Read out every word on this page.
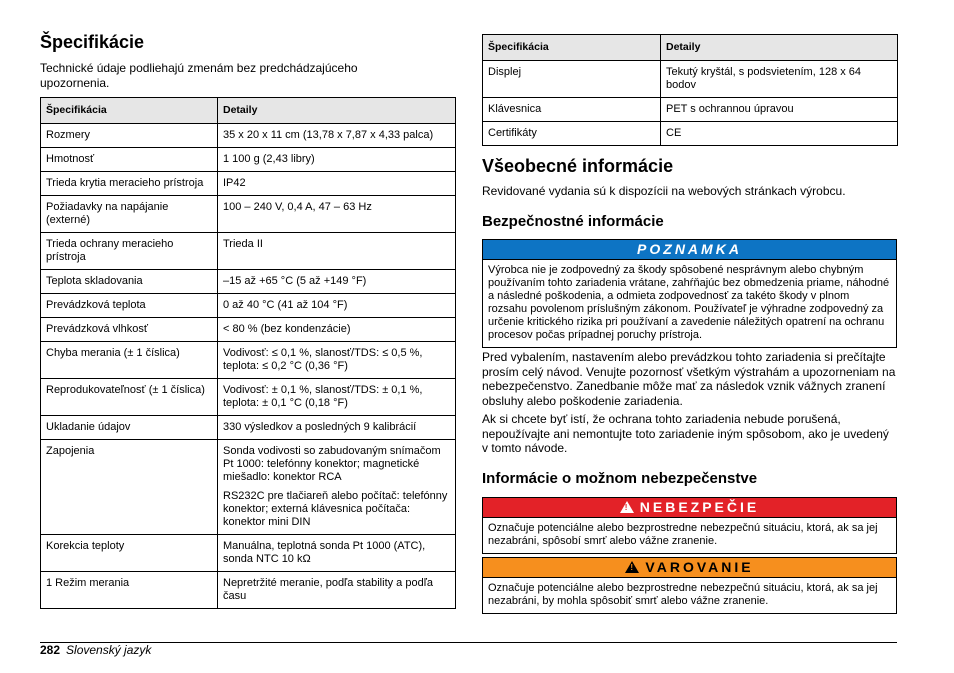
Špecifikácie

Technické údaje podliehajú zmenám bez predchádzajúceho upozornenia.

Špecifikácia	Detaily
Rozmery	35 x 20 x 11 cm (13,78 x 7,87 x 4,33 palca)
Hmotnosť	1 100 g (2,43 libry)
Trieda krytia meracieho prístroja	IP42
Požiadavky na napájanie (externé)	100 – 240 V, 0,4 A, 47 – 63 Hz
Trieda ochrany meracieho prístroja	Trieda II
Teplota skladovania	–15 až +65 °C (5 až +149 °F)
Prevádzková teplota	0 až 40 °C (41 až 104 °F)
Prevádzková vlhkosť	< 80 % (bez kondenzácie)
Chyba merania (± 1 číslica)	Vodivosť: ≤ 0,1 %, slanosť/TDS: ≤ 0,5 %, teplota: ≤ 0,2 °C (0,36 °F)
Reprodukovateľnosť (± 1 číslica)	Vodivosť: ± 0,1 %, slanosť/TDS: ± 0,1 %, teplota: ± 0,1 °C (0,18 °F)
Ukladanie údajov	330 výsledkov a posledných 9 kalibrácií
Zapojenia	Sonda vodivosti so zabudovaným snímačom Pt 1000: telefónny konektor; magnetické miešadlo: konektor RCA
RS232C pre tlačiareň alebo počítač: telefónny konektor; externá klávesnica počítača: konektor mini DIN
Korekcia teploty	Manuálna, teplotná sonda Pt 1000 (ATC), sonda NTC 10 kΩ
1 Režim merania	Nepretržité meranie, podľa stability a podľa času
Špecifikácia	Detaily
Displej	Tekutý kryštál, s podsvietením, 128 x 64 bodov
Klávesnica	PET s ochrannou úpravou
Certifikáty	CE
Všeobecné informácie

Revidované vydania sú k dispozícii na webových stránkach výrobcu.

Bezpečnostné informácie
POZNAMKA
Výrobca nie je zodpovedný za škody spôsobené nesprávnym alebo chybným používaním tohto zariadenia vrátane, zahŕňajúc bez obmedzenia priame, náhodné a následné poškodenia, a odmieta zodpovednosť za takéto škody v plnom rozsahu povolenom príslušným zákonom. Používateľ je výhradne zodpovedný za určenie kritického rizika pri používaní a zavedenie náležitých opatrení na ochranu procesov počas prípadnej poruchy prístroja.

Pred vybalením, nastavením alebo prevádzkou tohto zariadenia si prečítajte prosím celý návod. Venujte pozornosť všetkým výstrahám a upozorneniam na nebezpečenstvo. Zanedbanie môže mať za následok vznik vážnych zranení obsluhy alebo poškodenie zariadenia.

Ak si chcete byť istí, že ochrana tohto zariadenia nebude porušená, nepoužívajte ani nemontujte toto zariadenie iným spôsobom, ako je uvedený v tomto návode.

Informácie o možnom nebezpečenstve
! NEBEZPEČIE
Označuje potenciálne alebo bezprostredne nebezpečnú situáciu, ktorá, ak sa jej nezabráni, spôsobí smrť alebo vážne zranenie.
! VAROVANIE
Označuje potenciálne alebo bezprostredne nebezpečnú situáciu, ktorá, ak sa jej nezabráni, by mohla spôsobiť smrť alebo vážne zranenie.
282 Slovenský jazyk
